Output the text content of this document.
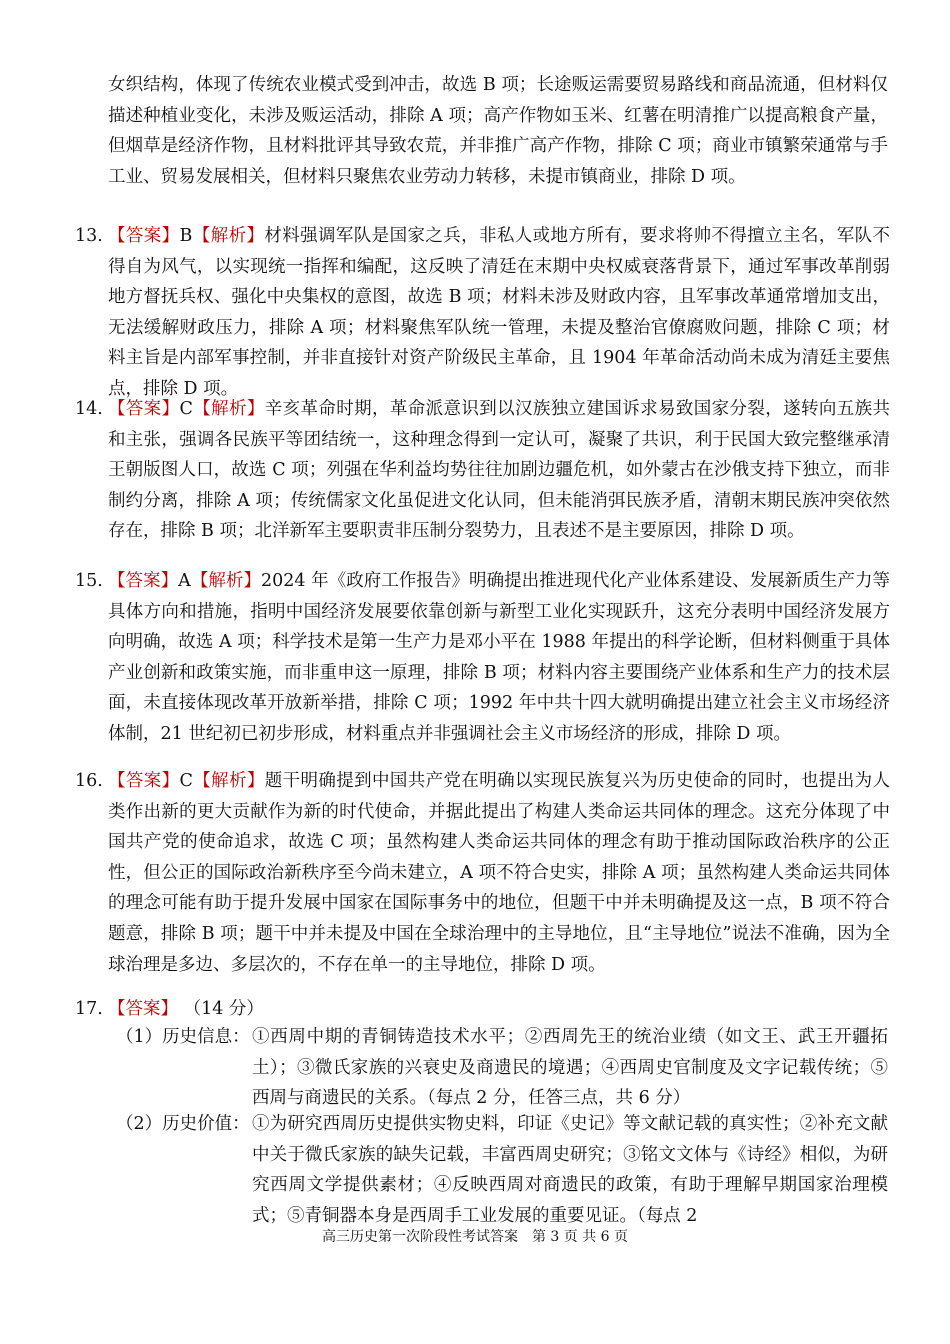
女织结构，体现了传统农业模式受到冲击，故选 B 项；长途贩运需要贸易路线和商品流通，但材料仅描述种植业变化，未涉及贩运活动，排除 A 项；高产作物如玉米、红薯在明清推广以提高粮食产量，但烟草是经济作物，且材料批评其导致农荒，并非推广高产作物，排除 C 项；商业市镇繁荣通常与手工业、贸易发展相关，但材料只聚焦农业劳动力转移，未提市镇商业，排除 D 项。
13. 【答案】B【解析】材料强调军队是国家之兵，非私人或地方所有，要求将帅不得擅立主名，军队不得自为风气，以实现统一指挥和编配，这反映了清廷在末期中央权威衰落背景下，通过军事改革削弱地方督抚兵权、强化中央集权的意图，故选 B 项；材料未涉及财政内容，且军事改革通常增加支出，无法缓解财政压力，排除 A 项；材料聚焦军队统一管理，未提及整治官僚腐败问题，排除 C 项；材料主旨是内部军事控制，并非直接针对资产阶级民主革命，且 1904 年革命活动尚未成为清廷主要焦点，排除 D 项。
14. 【答案】C【解析】辛亥革命时期，革命派意识到以汉族独立建国诉求易致国家分裂，遂转向五族共和主张，强调各民族平等团结统一，这种理念得到一定认可，凝聚了共识，利于民国大致完整继承清王朝版图人口，故选 C 项；列强在华利益均势往往加剧边疆危机，如外蒙古在沙俄支持下独立，而非制约分离，排除 A 项；传统儒家文化虽促进文化认同，但未能消弭民族矛盾，清朝末期民族冲突依然存在，排除 B 项；北洋新军主要职责非压制分裂势力，且表述不是主要原因，排除 D 项。
15. 【答案】A【解析】2024 年《政府工作报告》明确提出推进现代化产业体系建设、发展新质生产力等具体方向和措施，指明中国经济发展要依靠创新与新型工业化实现跃升，这充分表明中国经济发展方向明确，故选 A 项；科学技术是第一生产力是邓小平在 1988 年提出的科学论断，但材料侧重于具体产业创新和政策实施，而非重申这一原理，排除 B 项；材料内容主要围绕产业体系和生产力的技术层面，未直接体现改革开放新举措，排除 C 项；1992 年中共十四大就明确提出建立社会主义市场经济体制，21 世纪初已初步形成，材料重点并非强调社会主义市场经济的形成，排除 D 项。
16. 【答案】C【解析】题干明确提到中国共产党在明确以实现民族复兴为历史使命的同时，也提出为人类作出新的更大贡献作为新的时代使命，并据此提出了构建人类命运共同体的理念。这充分体现了中国共产党的使命追求，故选 C 项；虽然构建人类命运共同体的理念有助于推动国际政治秩序的公正性，但公正的国际政治新秩序至今尚未建立，A 项不符合史实，排除 A 项；虽然构建人类命运共同体的理念可能有助于提升发展中国家在国际事务中的地位，但题干中并未明确提及这一点，B 项不符合题意，排除 B 项；题干中并未提及中国在全球治理中的主导地位，且“主导地位”说法不准确，因为全球治理是多边、多层次的，不存在单一的主导地位，排除 D 项。
17. 【答案】 （14 分）
（1）历史信息： ①西周中期的青铜铸造技术水平；②西周先王的统治业绩（如文王、武王开疆拓土）；③微氏家族的兴衰史及商遗民的境遇；④西周史官制度及文字记载传统；⑤西周与商遗民的关系。（每点 2 分，任答三点，共 6 分）
（2）历史价值： ①为研究西周历史提供实物史料，印证《史记》等文献记载的真实性；②补充文献中关于微氏家族的缺失记载，丰富西周史研究；③铭文文体与《诗经》相似，为研究西周文学提供素材；④反映西周对商遗民的政策，有助于理解早期国家治理模式；⑤青铜器本身是西周手工业发展的重要见证。（每点 2
高三历史第一次阶段性考试答案　第 3 页 共 6 页
